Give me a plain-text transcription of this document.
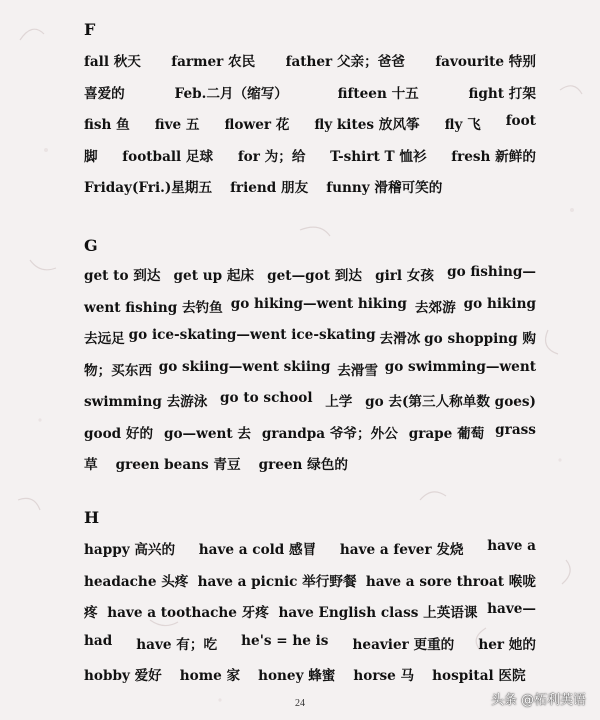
F
fall 秋天 farmer 农民 father 父亲；爸爸 favourite 特别
喜爱的	Feb.二月（缩写）	fifteen 十五	fight 打架
fish 鱼 five 五 flower 花 fly kites 放风筝 fly 飞 foot
脚 football 足球 for 为；给 T-shirt T 恤衫 fresh 新鲜的
Friday(Fri.)星期五 friend 朋友 funny 滑稽可笑的
G
get to 到达 get up 起床 get—got 到达 girl 女孩 go fishing—
went fishing 去钓鱼 go hiking—went hiking 去郊游 go hiking
去远足 go ice-skating—went ice-skating 去滑冰 go shopping 购
物；买东西 go skiing—went skiing 去滑雪 go swimming—went
swimming 去游泳 go to school 上学 go 去(第三人称单数 goes)
good 好的 go—went 去 grandpa 爷爷；外公 grape 葡萄 grass
草 green beans 青豆 green 绿色的
H
happy 高兴的 have a cold 感冒 have a fever 发烧 have a
headache 头疼 have a picnic 举行野餐 have a sore throat 喉咙
疼 have a toothache 牙疼 have English class 上英语课 have—
had have 有；吃 he's = he is heavier 更重的 her 她的
hobby 爱好 home 家 honey 蜂蜜 horse 马 hospital 医院
24	头条 @柘利英语
